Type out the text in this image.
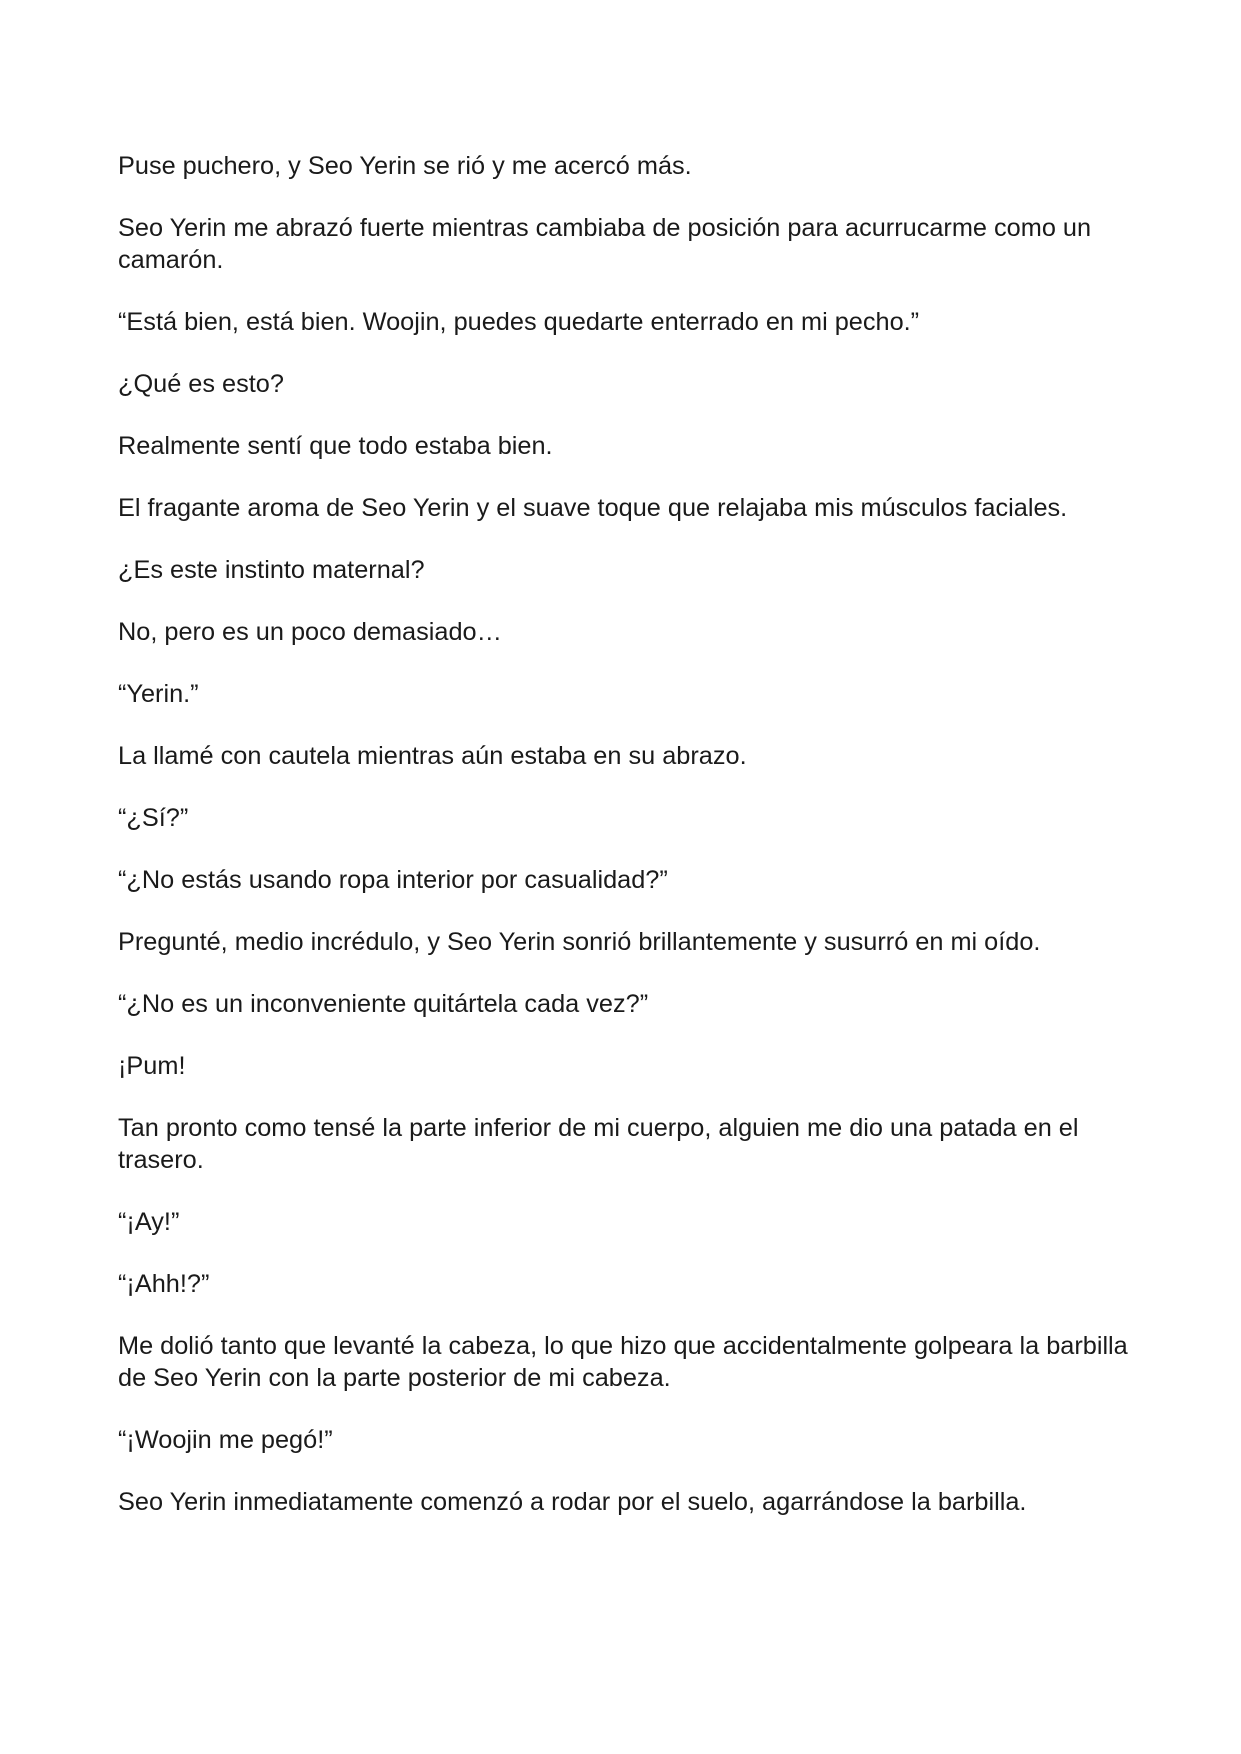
Puse puchero, y Seo Yerin se rió y me acercó más.

Seo Yerin me abrazó fuerte mientras cambiaba de posición para acurrucarme como un camarón.

“Está bien, está bien. Woojin, puedes quedarte enterrado en mi pecho.”

¿Qué es esto?

Realmente sentí que todo estaba bien.

El fragante aroma de Seo Yerin y el suave toque que relajaba mis músculos faciales.

¿Es este instinto maternal?

No, pero es un poco demasiado…

“Yerin.”

La llamé con cautela mientras aún estaba en su abrazo.

“¿Sí?”

“¿No estás usando ropa interior por casualidad?”

Pregunté, medio incrédulo, y Seo Yerin sonrió brillantemente y susurró en mi oído.

“¿No es un inconveniente quitártela cada vez?”

¡Pum!

Tan pronto como tensé la parte inferior de mi cuerpo, alguien me dio una patada en el trasero.

“¡Ay!”

“¡Ahh!?”

Me dolió tanto que levanté la cabeza, lo que hizo que accidentalmente golpeara la barbilla de Seo Yerin con la parte posterior de mi cabeza.

“¡Woojin me pegó!”

Seo Yerin inmediatamente comenzó a rodar por el suelo, agarrándose la barbilla.
